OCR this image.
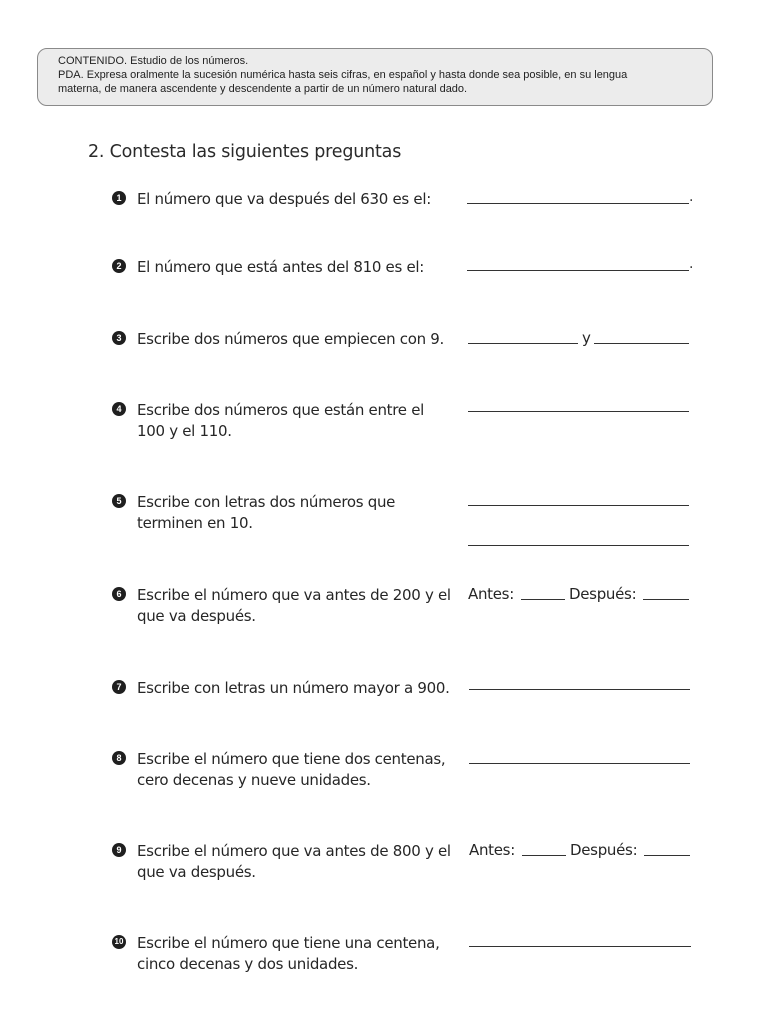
CONTENIDO. Estudio de los números.
PDA. Expresa oralmente la sucesión numérica hasta seis cifras, en español y hasta donde sea posible, en su lengua
materna, de manera ascendente y descendente a partir de un número natural dado.
2. Contesta las siguientes preguntas
1	El número que va después del 630 es el:	.
2	El número que está antes del 810 es el:	.
3	Escribe dos números que empiecen con 9.	y
4	Escribe dos números que están entre el
100 y el 110.
5	Escribe con letras dos números que
terminen en 10.
6	Escribe el número que va antes de 200 y el
que va después.
Antes:	Después:
7	Escribe con letras un número mayor a 900.
8	Escribe el número que tiene dos centenas,
cero decenas y nueve unidades.
9	Escribe el número que va antes de 800 y el
que va después.
Antes:	Después:
10 Escribe el número que tiene una centena,
cinco decenas y dos unidades.
